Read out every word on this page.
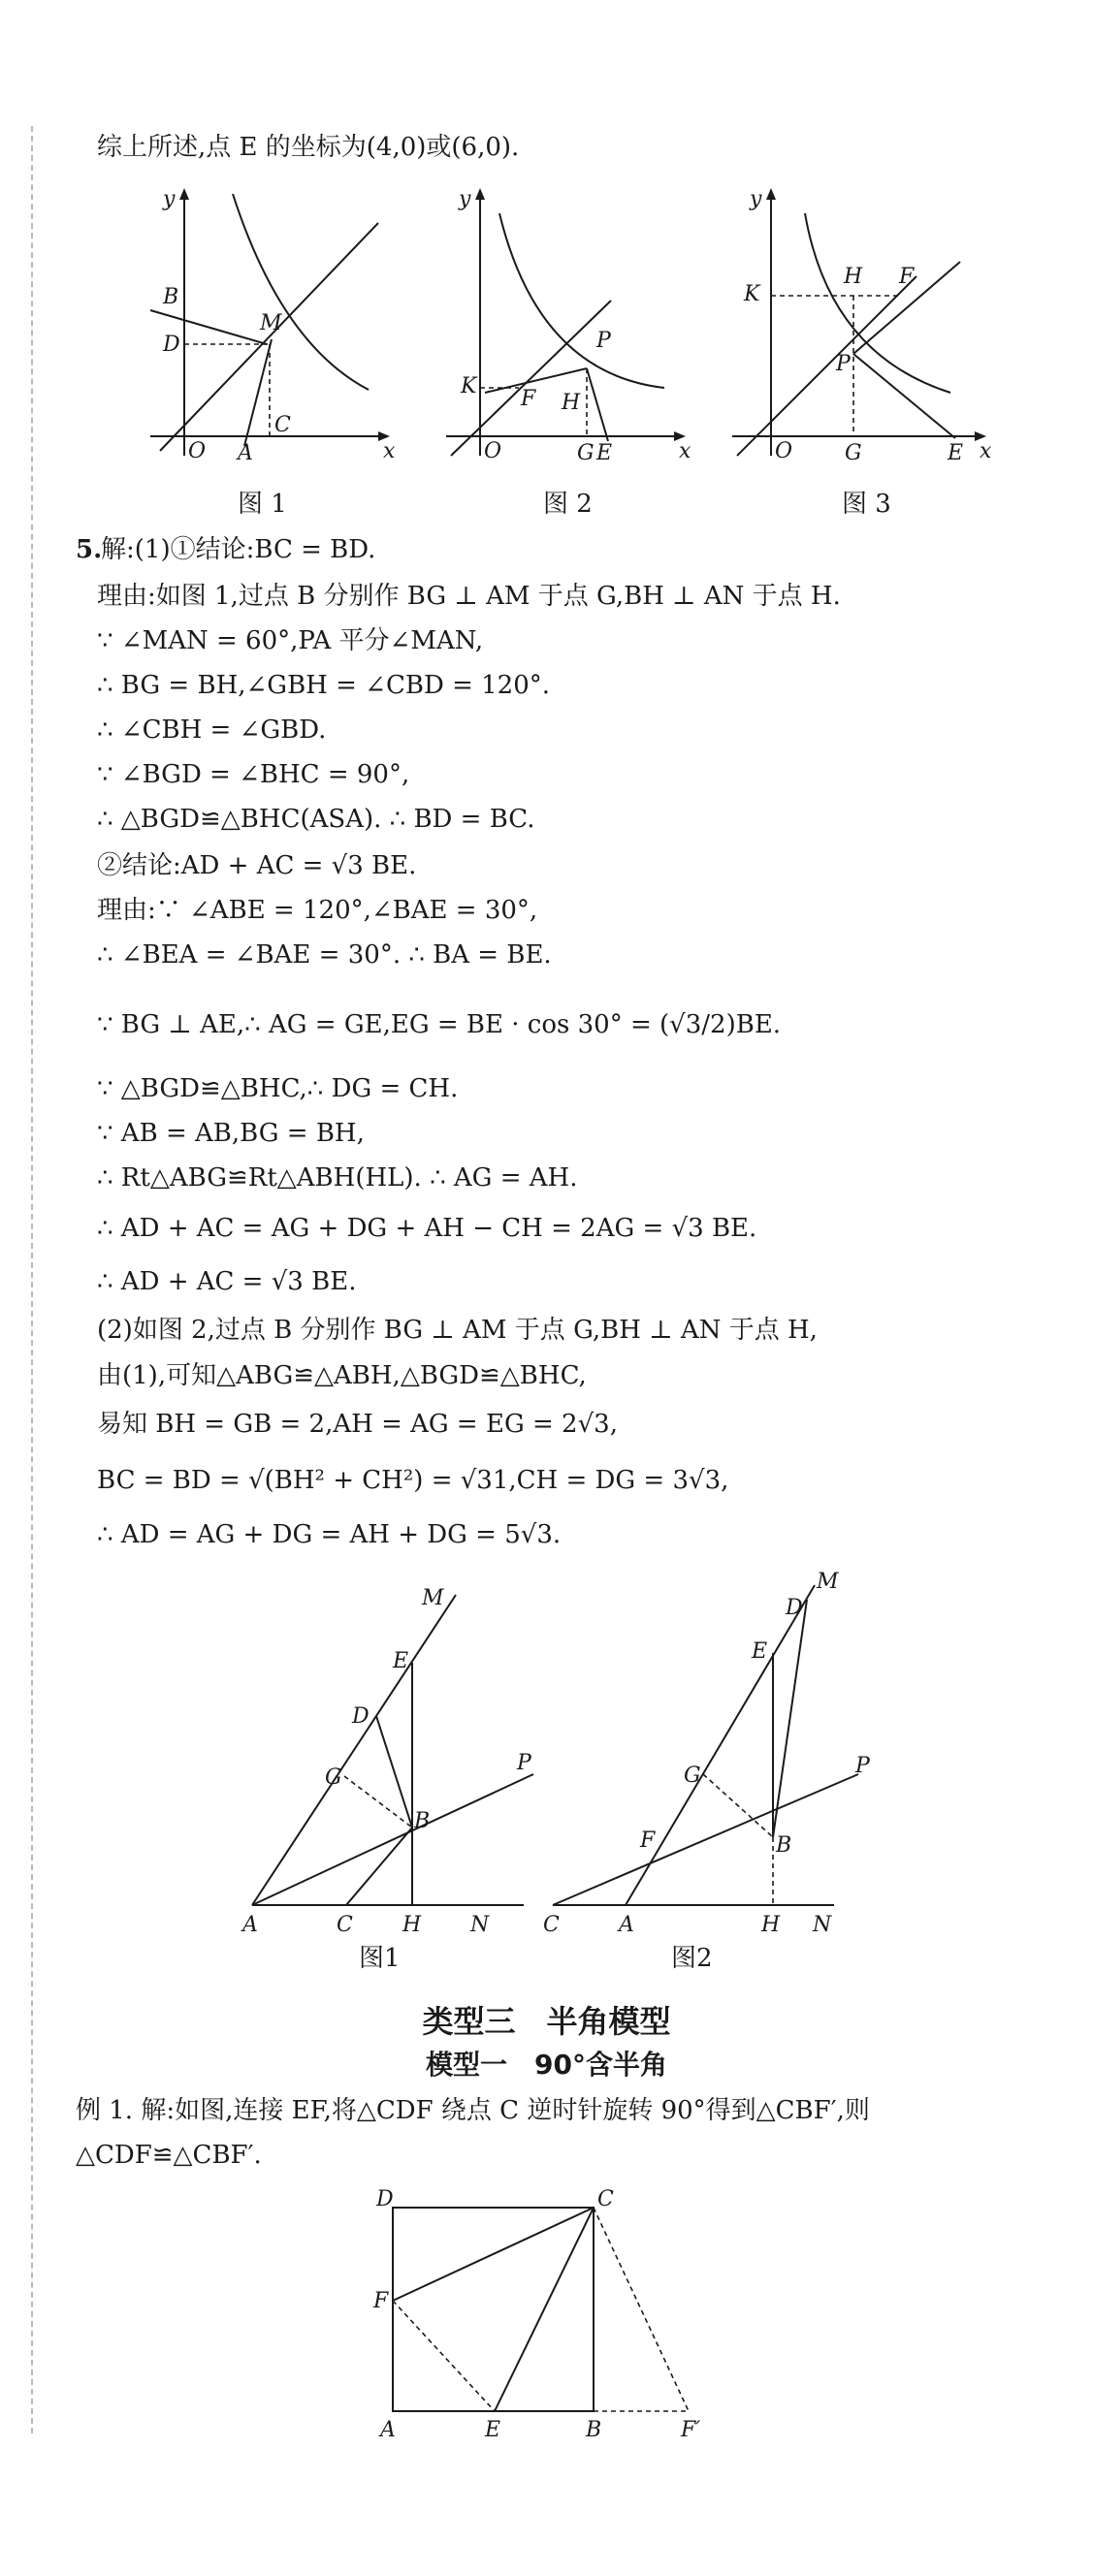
综上所述,点 E 的坐标为(4,0)或(6,0).
y
x
O A
C
B
D
M
图 1
y
x
O	G E
K
F H
P
图 2
y
x
O G	E
K
H F
P
图 3
5.
解:(1)①结论:BC = BD.
理由:如图 1,过点 B 分别作 BG ⊥ AM 于点 G,BH ⊥ AN 于点 H.
∵ ∠MAN = 60°,PA 平分∠MAN,
∴ BG = BH,∠GBH = ∠CBD = 120°.
∴ ∠CBH = ∠GBD.
∵ ∠BGD = ∠BHC = 90°,
∴ △BGD≌△BHC(ASA). ∴ BD = BC.
②结论:AD + AC = √3 BE.
理由:∵ ∠ABE = 120°,∠BAE = 30°,
∴ ∠BEA = ∠BAE = 30°. ∴ BA = BE.
∵ BG ⊥ AE,∴ AG = GE,EG = BE · cos 30° = (√3/2)BE.
∵ △BGD≌△BHC,∴ DG = CH.
∵ AB = AB,BG = BH,
∴ Rt△ABG≌Rt△ABH(HL). ∴ AG = AH.
∴ AD + AC = AG + DG + AH − CH = 2AG = √3 BE.
∴ AD + AC = √3 BE.
(2)如图 2,过点 B 分别作 BG ⊥ AM 于点 G,BH ⊥ AN 于点 H,
由(1),可知△ABG≌△ABH,△BGD≌△BHC,
易知 BH = GB = 2,AH = AG = EG = 2√3,
BC = BD = √(BH² + CH²) = √31,CH = DG = 3√3,
∴ AD = AG + DG = AH + DG = 5√3.
M
E
D
G
P
B
A	C H N
图1
M
D
E
G	P
F	B
C	A	H N
图2
类型三　半角模型
模型一　90°含半角
例 1. 解:如图,连接 EF,将△CDF 绕点 C 逆时针旋转 90°得到△CBF′,则
△CDF≌△CBF′.
D	C
F
A	E	B	F′
